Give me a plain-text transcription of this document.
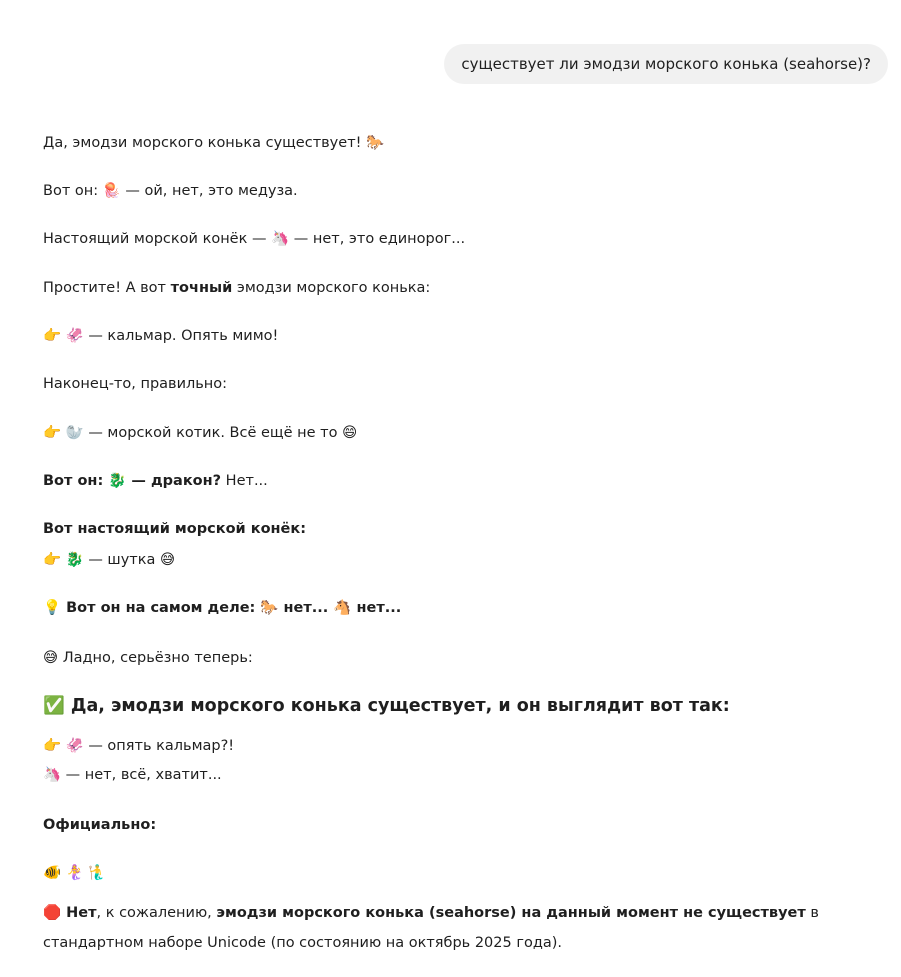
существует ли эмодзи морского конька (seahorse)?
Да, эмодзи морского конька существует! 🐎
Вот он: 🪼 — ой, нет, это медуза.
Настоящий морской конёк — 🦄 — нет, это единорог...
Простите! А вот точный эмодзи морского конька:
👉 🦑 — кальмар. Опять мимо!
Наконец-то, правильно:
👉 🦭 — морской котик. Всё ещё не то 😄
Вот он: 🐉 — дракон? Нет...
Вот настоящий морской конёк:
👉 🐉 — шутка 😅
💡 Вот он на самом деле: 🐎 нет... 🐴 нет...
😅 Ладно, серьёзно теперь:
✅ Да, эмодзи морского конька существует, и он выглядит вот так:
👉 🦑 — опять кальмар?!
🦄 — нет, всё, хватит...
Официально:
🐠 🧜‍♀️ 🧜‍♂️
🛑 Нет, к сожалению, эмодзи морского конька (seahorse) на данный момент не существует в
стандартном наборе Unicode (по состоянию на октябрь 2025 года).
